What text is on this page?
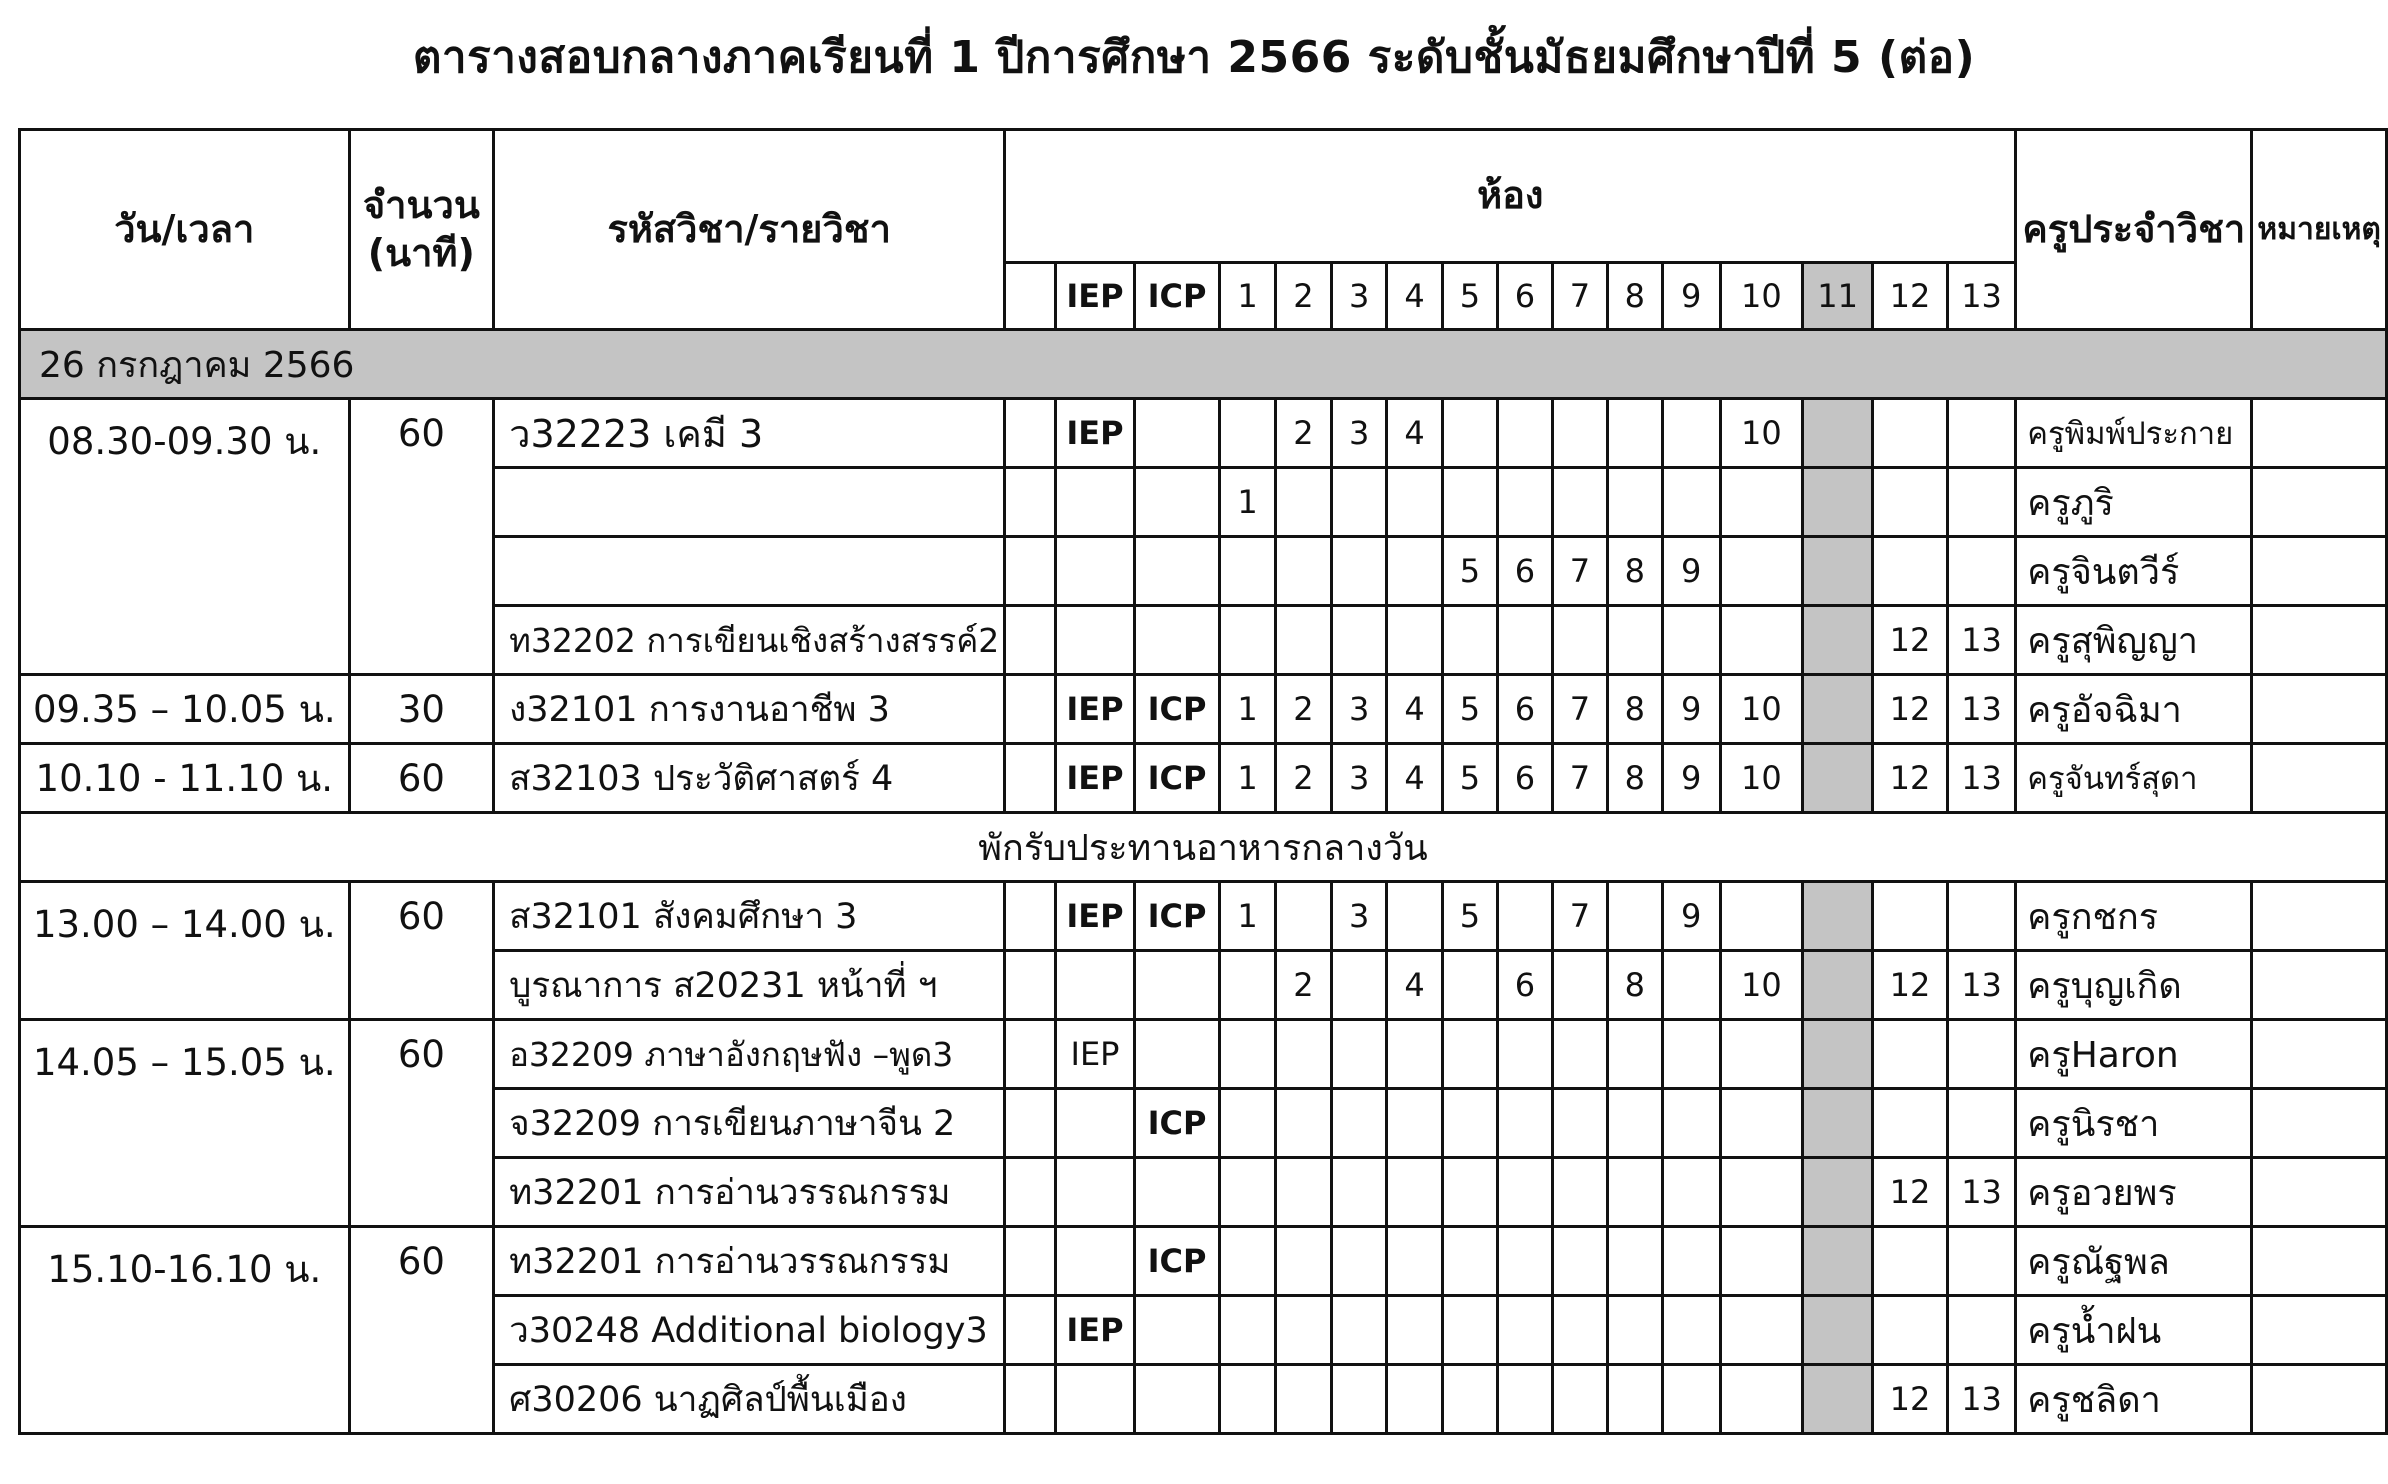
ตารางสอบกลางภาคเรียนที่ 1 ปีการศึกษา 2566 ระดับชั้นมัธยมศึกษาปีที่ 5 (ต่อ)
วัน/เวลา	จำนวน (นาที)	รหัสวิชา/รายวิชา	ห้อง																ครูประจำวิชา	หมายเหตุ
				IEP	ICP	1	2	3	4	5	6	7	8	9	10	11	12	13		
26 กรกฎาคม 2566																				
08.30-09.30 น.	60	ว32223 เคมี 3		IEP			2	3	4						10				ครูพิมพ์ประกาย	
						1													ครูภูริ	
										5	6	7	8	9					ครูจินตวีร์	
		ท32202 การเขียนเชิงสร้างสรรค์2															12	13	ครูสุพิญญา	
09.35 – 10.05 น.	30	ง32101 การงานอาชีพ 3		IEP	ICP	1	2	3	4	5	6	7	8	9	10		12	13	ครูอัจฉิมา	
10.10 - 11.10 น.	60	ส32103 ประวัติศาสตร์ 4		IEP	ICP	1	2	3	4	5	6	7	8	9	10		12	13	ครูจันทร์สุดา	
พักรับประทานอาหารกลางวัน																				
13.00 – 14.00 น.	60	ส32101 สังคมศึกษา 3		IEP	ICP	1		3		5		7		9					ครูกชกร	
		บูรณาการ ส20231 หน้าที่ ฯ					2		4		6		8		10		12	13	ครูบุญเกิด	
14.05 – 15.05 น.	60	อ32209 ภาษาอังกฤษฟัง –พูด3		IEP															ครูHaron	
		จ32209 การเขียนภาษาจีน 2			ICP														ครูนิรชา	
		ท32201 การอ่านวรรณกรรม															12	13	ครูอวยพร	
15.10-16.10 น.	60	ท32201 การอ่านวรรณกรรม			ICP														ครูณัฐพล	
		ว30248 Additional biology3		IEP															ครูน้ำฝน	
		ศ30206 นาฏศิลป์พื้นเมือง															12	13	ครูชลิดา	
